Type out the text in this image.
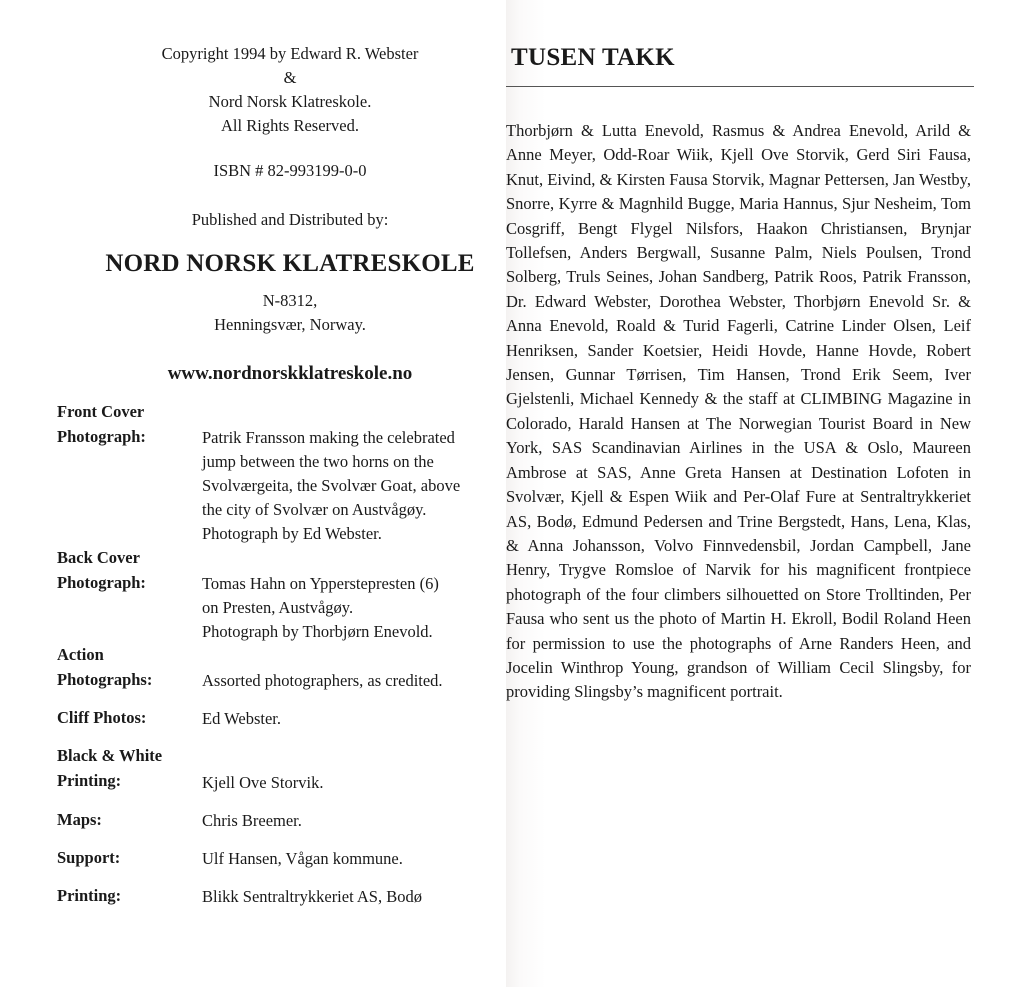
Copyright 1994 by Edward R. Webster
&
Nord Norsk Klatreskole.
All Rights Reserved.
ISBN # 82-993199-0-0
Published and Distributed by:
NORD NORSK KLATRESKOLE
N-8312,
Henningsvær, Norway.
www.nordnorskklatreskole.no
Front Cover
Photograph:	Patrik Fransson making the celebrated
jump between the two horns on the
Svolværgeita, the Svolvær Goat, above
the city of Svolvær on Austvågøy.
Photograph by Ed Webster.
Back Cover
Photograph:	Tomas Hahn on Ypperstepresten (6)
on Presten, Austvågøy.
Photograph by Thorbjørn Enevold.
Action
Photographs:	Assorted photographers, as credited.
Cliff Photos:	Ed Webster.
Black & White
Printing:	Kjell Ove Storvik.
Maps:	Chris Breemer.
Support:	Ulf Hansen, Vågan kommune.
Printing:	Blikk Sentraltrykkeriet AS, Bodø
TUSEN TAKK

Thorbjørn & Lutta Enevold, Rasmus & Andrea Enevold, Arild & Anne Meyer, Odd-Roar Wiik, Kjell Ove Storvik, Gerd Siri Fausa, Knut, Eivind, & Kirsten Fausa Storvik, Magnar Pettersen, Jan Westby, Snorre, Kyrre & Magnhild Bugge, Maria Hannus, Sjur Nesheim, Tom Cosgriff, Bengt Flygel Nilsfors, Haakon Christiansen, Brynjar Tollefsen, Anders Bergwall, Susanne Palm, Niels Poulsen, Trond Solberg, Truls Seines, Johan Sandberg, Patrik Roos, Patrik Fransson, Dr. Edward Webster, Dorothea Webster, Thorbjørn Enevold Sr. & Anna Enevold, Roald & Turid Fagerli, Catrine Linder Olsen, Leif Henriksen, Sander Koetsier, Heidi Hovde, Hanne Hovde, Robert Jensen, Gunnar Tørrisen, Tim Hansen, Trond Erik Seem, Iver Gjelstenli, Michael Kennedy & the staff at CLIMBING Magazine in Colorado, Harald Hansen at The Norwegian Tourist Board in New York, SAS Scandinavian Airlines in the USA & Oslo, Maureen Ambrose at SAS, Anne Greta Hansen at Destination Lofoten in Svolvær, Kjell & Espen Wiik and Per-Olaf Fure at Sentraltrykkeriet AS, Bodø, Edmund Pedersen and Trine Bergstedt, Hans, Lena, Klas, & Anna Johansson, Volvo Finnvedensbil, Jordan Campbell, Jane Henry, Trygve Romsloe of Narvik for his magnificent frontpiece photograph of the four climbers silhouetted on Store Trolltinden, Per Fausa who sent us the photo of Martin H. Ekroll, Bodil Roland Heen for permission to use the photographs of Arne Randers Heen, and Jocelin Winthrop Young, grandson of William Cecil Slingsby, for providing Slingsby’s magnificent portrait.
